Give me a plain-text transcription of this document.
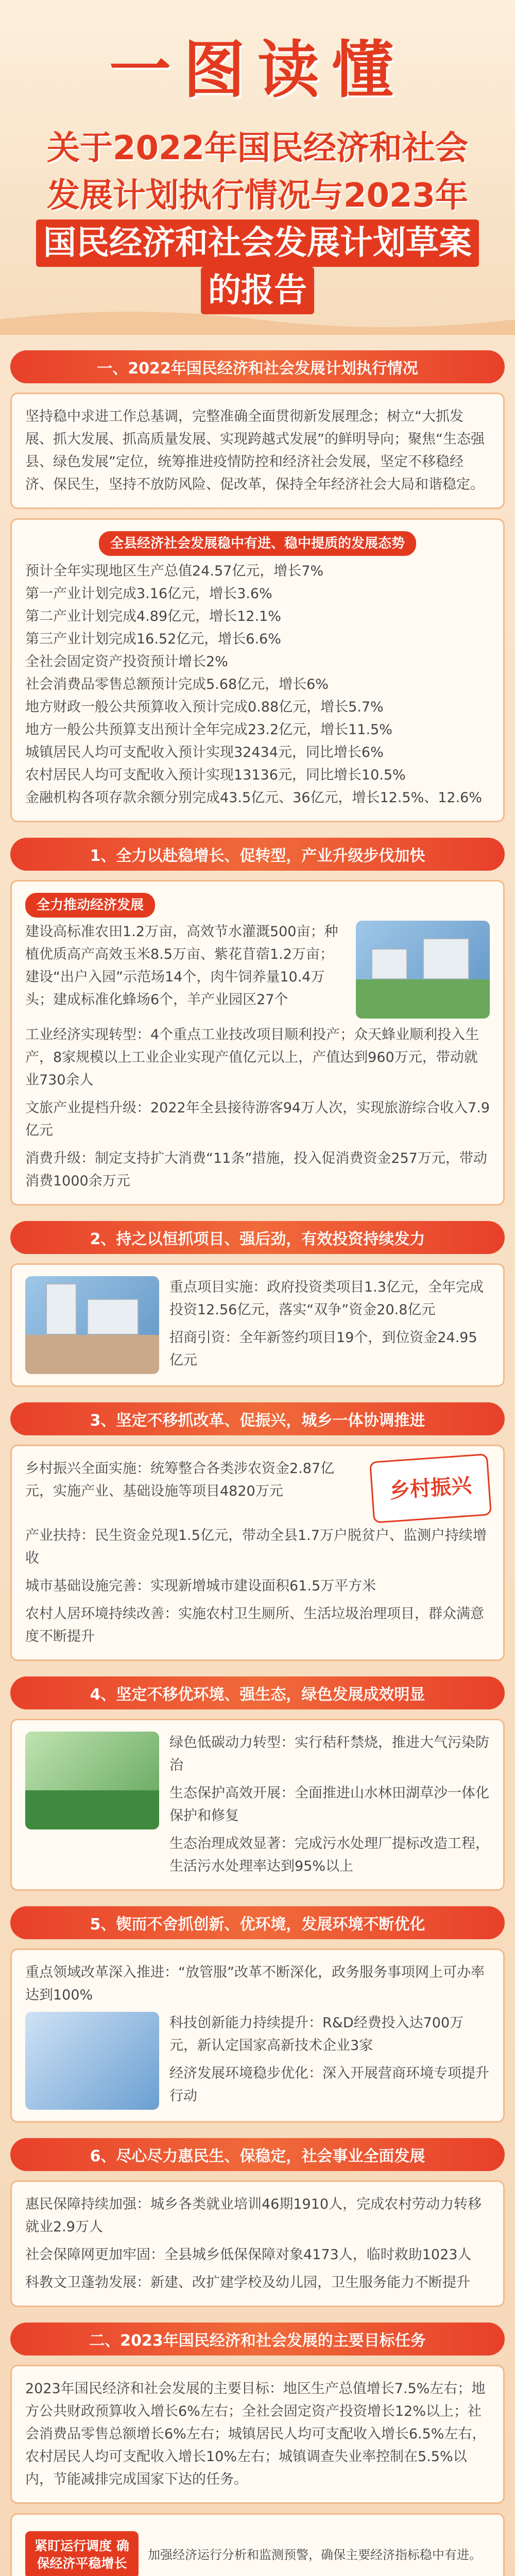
一图读懂
关于2022年国民经济和社会
发展计划执行情况与2023年
国民经济和社会发展计划草案
的报告
一、2022年国民经济和社会发展计划执行情况

坚持稳中求进工作总基调，完整准确全面贯彻新发展理念；树立“大抓发展、抓大发展、抓高质量发展、实现跨越式发展”的鲜明导向；聚焦“生态强县、绿色发展”定位，统筹推进疫情防控和经济社会发展，坚定不移稳经济、保民生，坚持不放防风险、促改革，保持全年经济社会大局和谐稳定。

全县经济社会发展稳中有进、稳中提质的发展态势
预计全年实现地区生产总值24.57亿元，增长7%
第一产业计划完成3.16亿元，增长3.6%
第二产业计划完成4.89亿元，增长12.1%
第三产业计划完成16.52亿元，增长6.6%
全社会固定资产投资预计增长2%
社会消费品零售总额预计完成5.68亿元，增长6%
地方财政一般公共预算收入预计完成0.88亿元，增长5.7%
地方一般公共预算支出预计全年完成23.2亿元，增长11.5%
城镇居民人均可支配收入预计实现32434元，同比增长6%
农村居民人均可支配收入预计实现13136元，同比增长10.5%
金融机构各项存款余额分别完成43.5亿元、36亿元，增长12.5%、12.6%
1、全力以赴稳增长、促转型，产业升级步伐加快
全力推动经济发展
建设高标准农田1.2万亩，高效节水灌溉500亩；种植优质高产高效玉米8.5万亩、紫花苜蓿1.2万亩；建设“出户入园”示范场14个，肉牛饲养量10.4万头；建成标准化蜂场6个，羊产业园区27个
工业经济实现转型：4个重点工业技改项目顺利投产；众天蜂业顺利投入生产，8家规模以上工业企业实现产值亿元以上，产值达到960万元，带动就业730余人
文旅产业提档升级：2022年全县接待游客94万人次，实现旅游综合收入7.9亿元
消费升级：制定支持扩大消费“11条”措施，投入促消费资金257万元，带动消费1000余万元
2、持之以恒抓项目、强后劲，有效投资持续发力
重点项目实施：政府投资类项目1.3亿元，全年完成投资12.56亿元，落实“双争”资金20.8亿元
招商引资：全年新签约项目19个，到位资金24.95亿元
3、坚定不移抓改革、促振兴，城乡一体协调推进
乡村振兴全面实施：统筹整合各类涉农资金2.87亿元，实施产业、基础设施等项目4820万元	乡村振兴
产业扶持：民生资金兑现1.5亿元，带动全县1.7万户脱贫户、监测户持续增收
城市基础设施完善：实现新增城市建设面积61.5万平方米
农村人居环境持续改善：实施农村卫生厕所、生活垃圾治理项目，群众满意度不断提升
4、坚定不移优环境、强生态，绿色发展成效明显
绿色低碳动力转型：实行秸秆禁烧，推进大气污染防治
生态保护高效开展：全面推进山水林田湖草沙一体化保护和修复
生态治理成效显著：完成污水处理厂提标改造工程，生活污水处理率达到95%以上
5、锲而不舍抓创新、优环境，发展环境不断优化
重点领域改革深入推进：“放管服”改革不断深化，政务服务事项网上可办率达到100%
科技创新能力持续提升：R&D经费投入达700万元，新认定国家高新技术企业3家
经济发展环境稳步优化：深入开展营商环境专项提升行动
6、尽心尽力惠民生、保稳定，社会事业全面发展
惠民保障持续加强：城乡各类就业培训46期1910人，完成农村劳动力转移就业2.9万人
社会保障网更加牢固：全县城乡低保保障对象4173人，临时救助1023人
科教文卫蓬勃发展：新建、改扩建学校及幼儿园，卫生服务能力不断提升
二、2023年国民经济和社会发展的主要目标任务

2023年国民经济和社会发展的主要目标：地区生产总值增长7.5%左右；地方公共财政预算收入增长6%左右；全社会固定资产投资增长12%以上；社会消费品零售总额增长6%左右；城镇居民人均可支配收入增长6.5%左右，农村居民人均可支配收入增长10%左右；城镇调查失业率控制在5.5%以内，节能减排完成国家下达的任务。

紧盯运行调度 确保经济平稳增长
加强经济运行分析和监测预警，确保主要经济指标稳中有进。
